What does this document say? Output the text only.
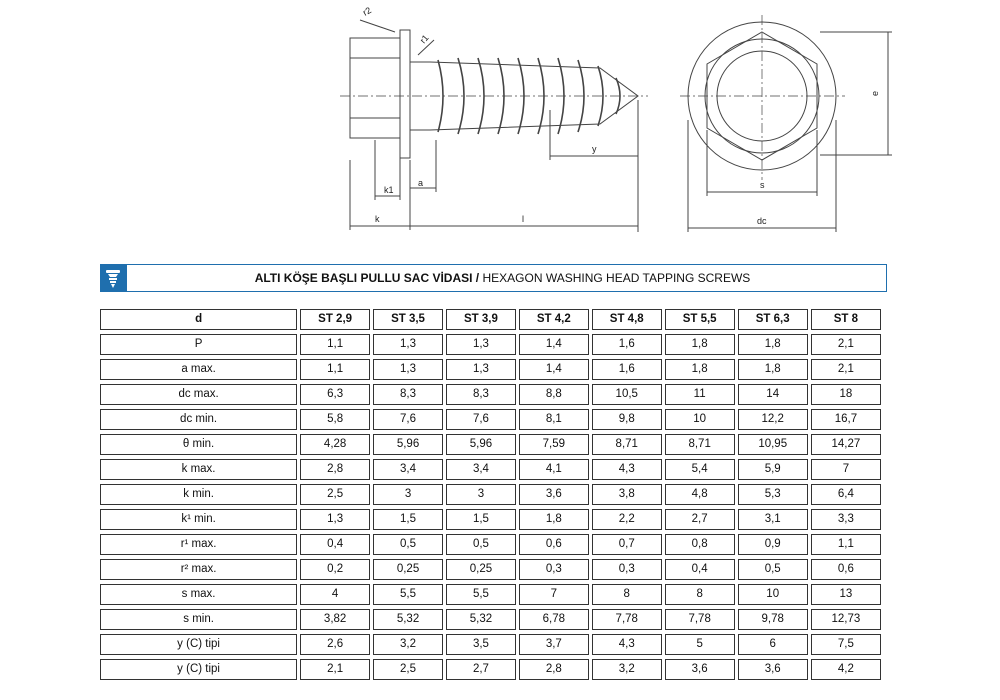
r2
r1
k1
a
k	l
y
e
s
dc
ALTI KÖŞE BAŞLI PULLU SAC VİDASI / HEXAGON WASHING HEAD TAPPING SCREWS
d	ST 2,9	ST 3,5	ST 3,9	ST 4,2	ST 4,8	ST 5,5	ST 6,3	ST 8
P	1,1	1,3	1,3	1,4	1,6	1,8	1,8	2,1
a max.	1,1	1,3	1,3	1,4	1,6	1,8	1,8	2,1
dc max.	6,3	8,3	8,3	8,8	10,5	11	14	18
dc min.	5,8	7,6	7,6	8,1	9,8	10	12,2	16,7
θ min.	4,28	5,96	5,96	7,59	8,71	8,71	10,95	14,27
k max.	2,8	3,4	3,4	4,1	4,3	5,4	5,9	7
k min.	2,5	3	3	3,6	3,8	4,8	5,3	6,4
k¹ min.	1,3	1,5	1,5	1,8	2,2	2,7	3,1	3,3
r¹ max.	0,4	0,5	0,5	0,6	0,7	0,8	0,9	1,1
r² max.	0,2	0,25	0,25	0,3	0,3	0,4	0,5	0,6
s max.	4	5,5	5,5	7	8	8	10	13
s min.	3,82	5,32	5,32	6,78	7,78	7,78	9,78	12,73
y (C) tipi	2,6	3,2	3,5	3,7	4,3	5	6	7,5
y (C) tipi	2,1	2,5	2,7	2,8	3,2	3,6	3,6	4,2
